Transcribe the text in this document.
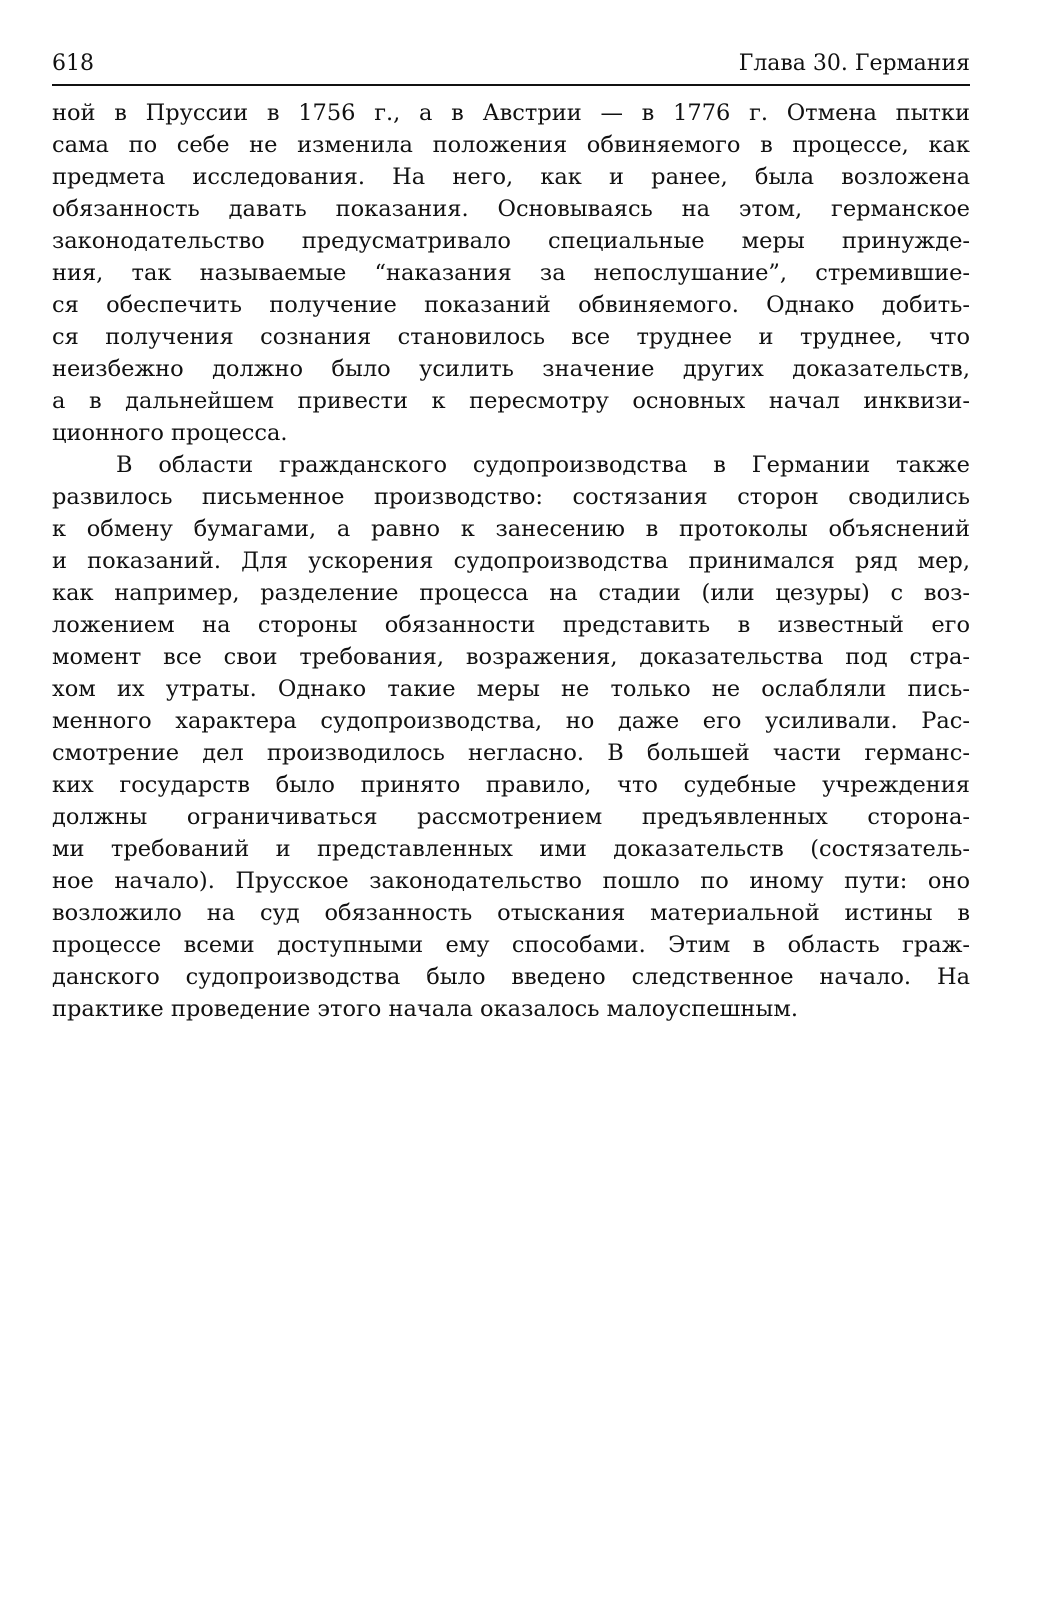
618	Глава 30. Германия
ной в Пруссии в 1756 г., а в Австрии — в 1776 г. Отмена пытки
сама по себе не изменила положения обвиняемого в процессе, как
предмета исследования. На него, как и ранее, была возложена
обязанность давать показания. Основываясь на этом, германское
законодательство предусматривало специальные меры принужде-
ния, так называемые “наказания за непослушание”, стремившие-
ся обеспечить получение показаний обвиняемого. Однако добить-
ся получения сознания становилось все труднее и труднее, что
неизбежно должно было усилить значение других доказательств,
а в дальнейшем привести к пересмотру основных начал инквизи-
ционного процесса.
В области гражданского судопроизводства в Германии также
развилось письменное производство: состязания сторон сводились
к обмену бумагами, а равно к занесению в протоколы объяснений
и показаний. Для ускорения судопроизводства принимался ряд мер,
как например, разделение процесса на стадии (или цезуры) с воз-
ложением на стороны обязанности представить в известный его
момент все свои требования, возражения, доказательства под стра-
хом их утраты. Однако такие меры не только не ослабляли пись-
менного характера судопроизводства, но даже его усиливали. Рас-
смотрение дел производилось негласно. В большей части германс-
ких государств было принято правило, что судебные учреждения
должны ограничиваться рассмотрением предъявленных сторона-
ми требований и представленных ими доказательств (состязатель-
ное начало). Прусское законодательство пошло по иному пути: оно
возложило на суд обязанность отыскания материальной истины в
процессе всеми доступными ему способами. Этим в область граж-
данского судопроизводства было введено следственное начало. На
практике проведение этого начала оказалось малоуспешным.
